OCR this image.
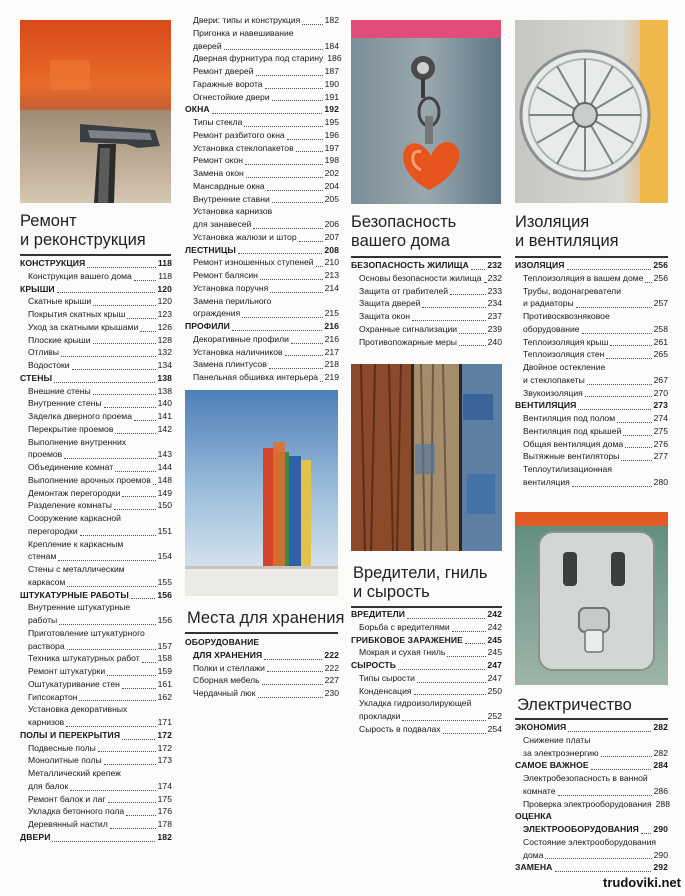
Ремонт
и реконструкция
КОНСТРУКЦИЯ	118
Конструкция вашего дома	118
КРЫШИ	120
Скатные крыши	120
Покрытия скатных крыш	123
Уход за скатными крышами 126
Плоские крыши	128
Отливы	132
Водостоки	134
СТЕНЫ	138
Внешние стены	138
Внутренние стены	140
Заделка дверного проема	141
Перекрытие проемов	142
Выполнение внутренних
проемов	143
Объединение комнат	144
Выполнение арочных проемов 148
Демонтаж перегородки	149
Разделение комнаты	150
Сооружение каркасной
перегородки	151
Крепление к каркасным
стенам	154
Стены с металлическим
каркасом	155
ШТУКАТУРНЫЕ РАБОТЫ	156
Внутренние штукатурные
работы	156
Приготовление штукатурного
раствора	157
Техника штукатурных работ 158
Ремонт штукатурки	159
Оштукатуривание стен	161
Гипсокартон	162
Установка декоративных
карнизов	171
ПОЛЫ И ПЕРЕКРЫТИЯ	172
Подвесные полы	172
Монолитные полы	173
Металлический крепеж
для балок	174
Ремонт балок и лаг	175
Укладка бетонного пола	176
Деревянный настил	178
ДВЕРИ	182
Двери: типы и конструкция	182
Пригонка и навешивание
дверей	184
Дверная фурнитура под старину 186
Ремонт дверей	187
Гаражные ворота	190
Огнестойкие двери	191
ОКНА	192
Типы стекла	195
Ремонт разбитого окна	196
Установка стеклопакетов	197
Ремонт окон	198
Замена окон	202
Мансардные окна	204
Внутренние ставни	205
Установка карнизов
для занавесей	206
Установка жалюзи и штор	207
ЛЕСТНИЦЫ	208
Ремонт изношенных ступеней 210
Ремонт балясин	213
Установка поручня	214
Замена перильного
ограждения	215
ПРОФИЛИ	216
Декоративные профили	216
Установка наличников	217
Замена плинтусов	218
Панельная обшивка интерьера 219
Места для хранения
ОБОРУДОВАНИЕ
ДЛЯ ХРАНЕНИЯ	222
Полки и стеллажи	222
Сборная мебель	227
Чердачный люк	230
Безопасность
вашего дома
БЕЗОПАСНОСТЬ ЖИЛИЩА 232
Основы безопасности жилища 232
Защита от грабителей	233
Защита дверей	234
Защита окон	237
Охранные сигнализации	239
Противопожарные меры	240
Вредители, гниль
и сырость
ВРЕДИТЕЛИ	242
Борьба с вредителями	242
ГРИБКОВОЕ ЗАРАЖЕНИЕ	245
Мокрая и сухая гниль	245
СЫРОСТЬ	247
Типы сырости	247
Конденсация	250
Укладка гидроизолирующей
прокладки	252
Сырость в подвалах	254
Изоляция
и вентиляция
ИЗОЛЯЦИЯ	256
Теплоизоляция в вашем доме 256
Трубы, водонагреватели
и радиаторы	257
Противосквозняковое
оборудование	258
Теплоизоляция крыш	261
Теплоизоляция стен	265
Двойное остекление
и стеклопакеты	267
Звукоизоляция	270
ВЕНТИЛЯЦИЯ	273
Вентиляция под полом	274
Вентиляция под крышей	275
Общая вентиляция дома	276
Вытяжные вентиляторы	277
Теплоутилизационная
вентиляция	280
Электричество
ЭКОНОМИЯ	282
Снижение платы
за электроэнергию	282
САМОЕ ВАЖНОЕ	284
Электробезопасность в ванной
комнате	286
Проверка электрооборудования 288
ОЦЕНКА
ЭЛЕКТРООБОРУДОВАНИЯ 290
Состояние электрооборудования
дома	290
ЗАМЕНА	292
trudoviki.net
